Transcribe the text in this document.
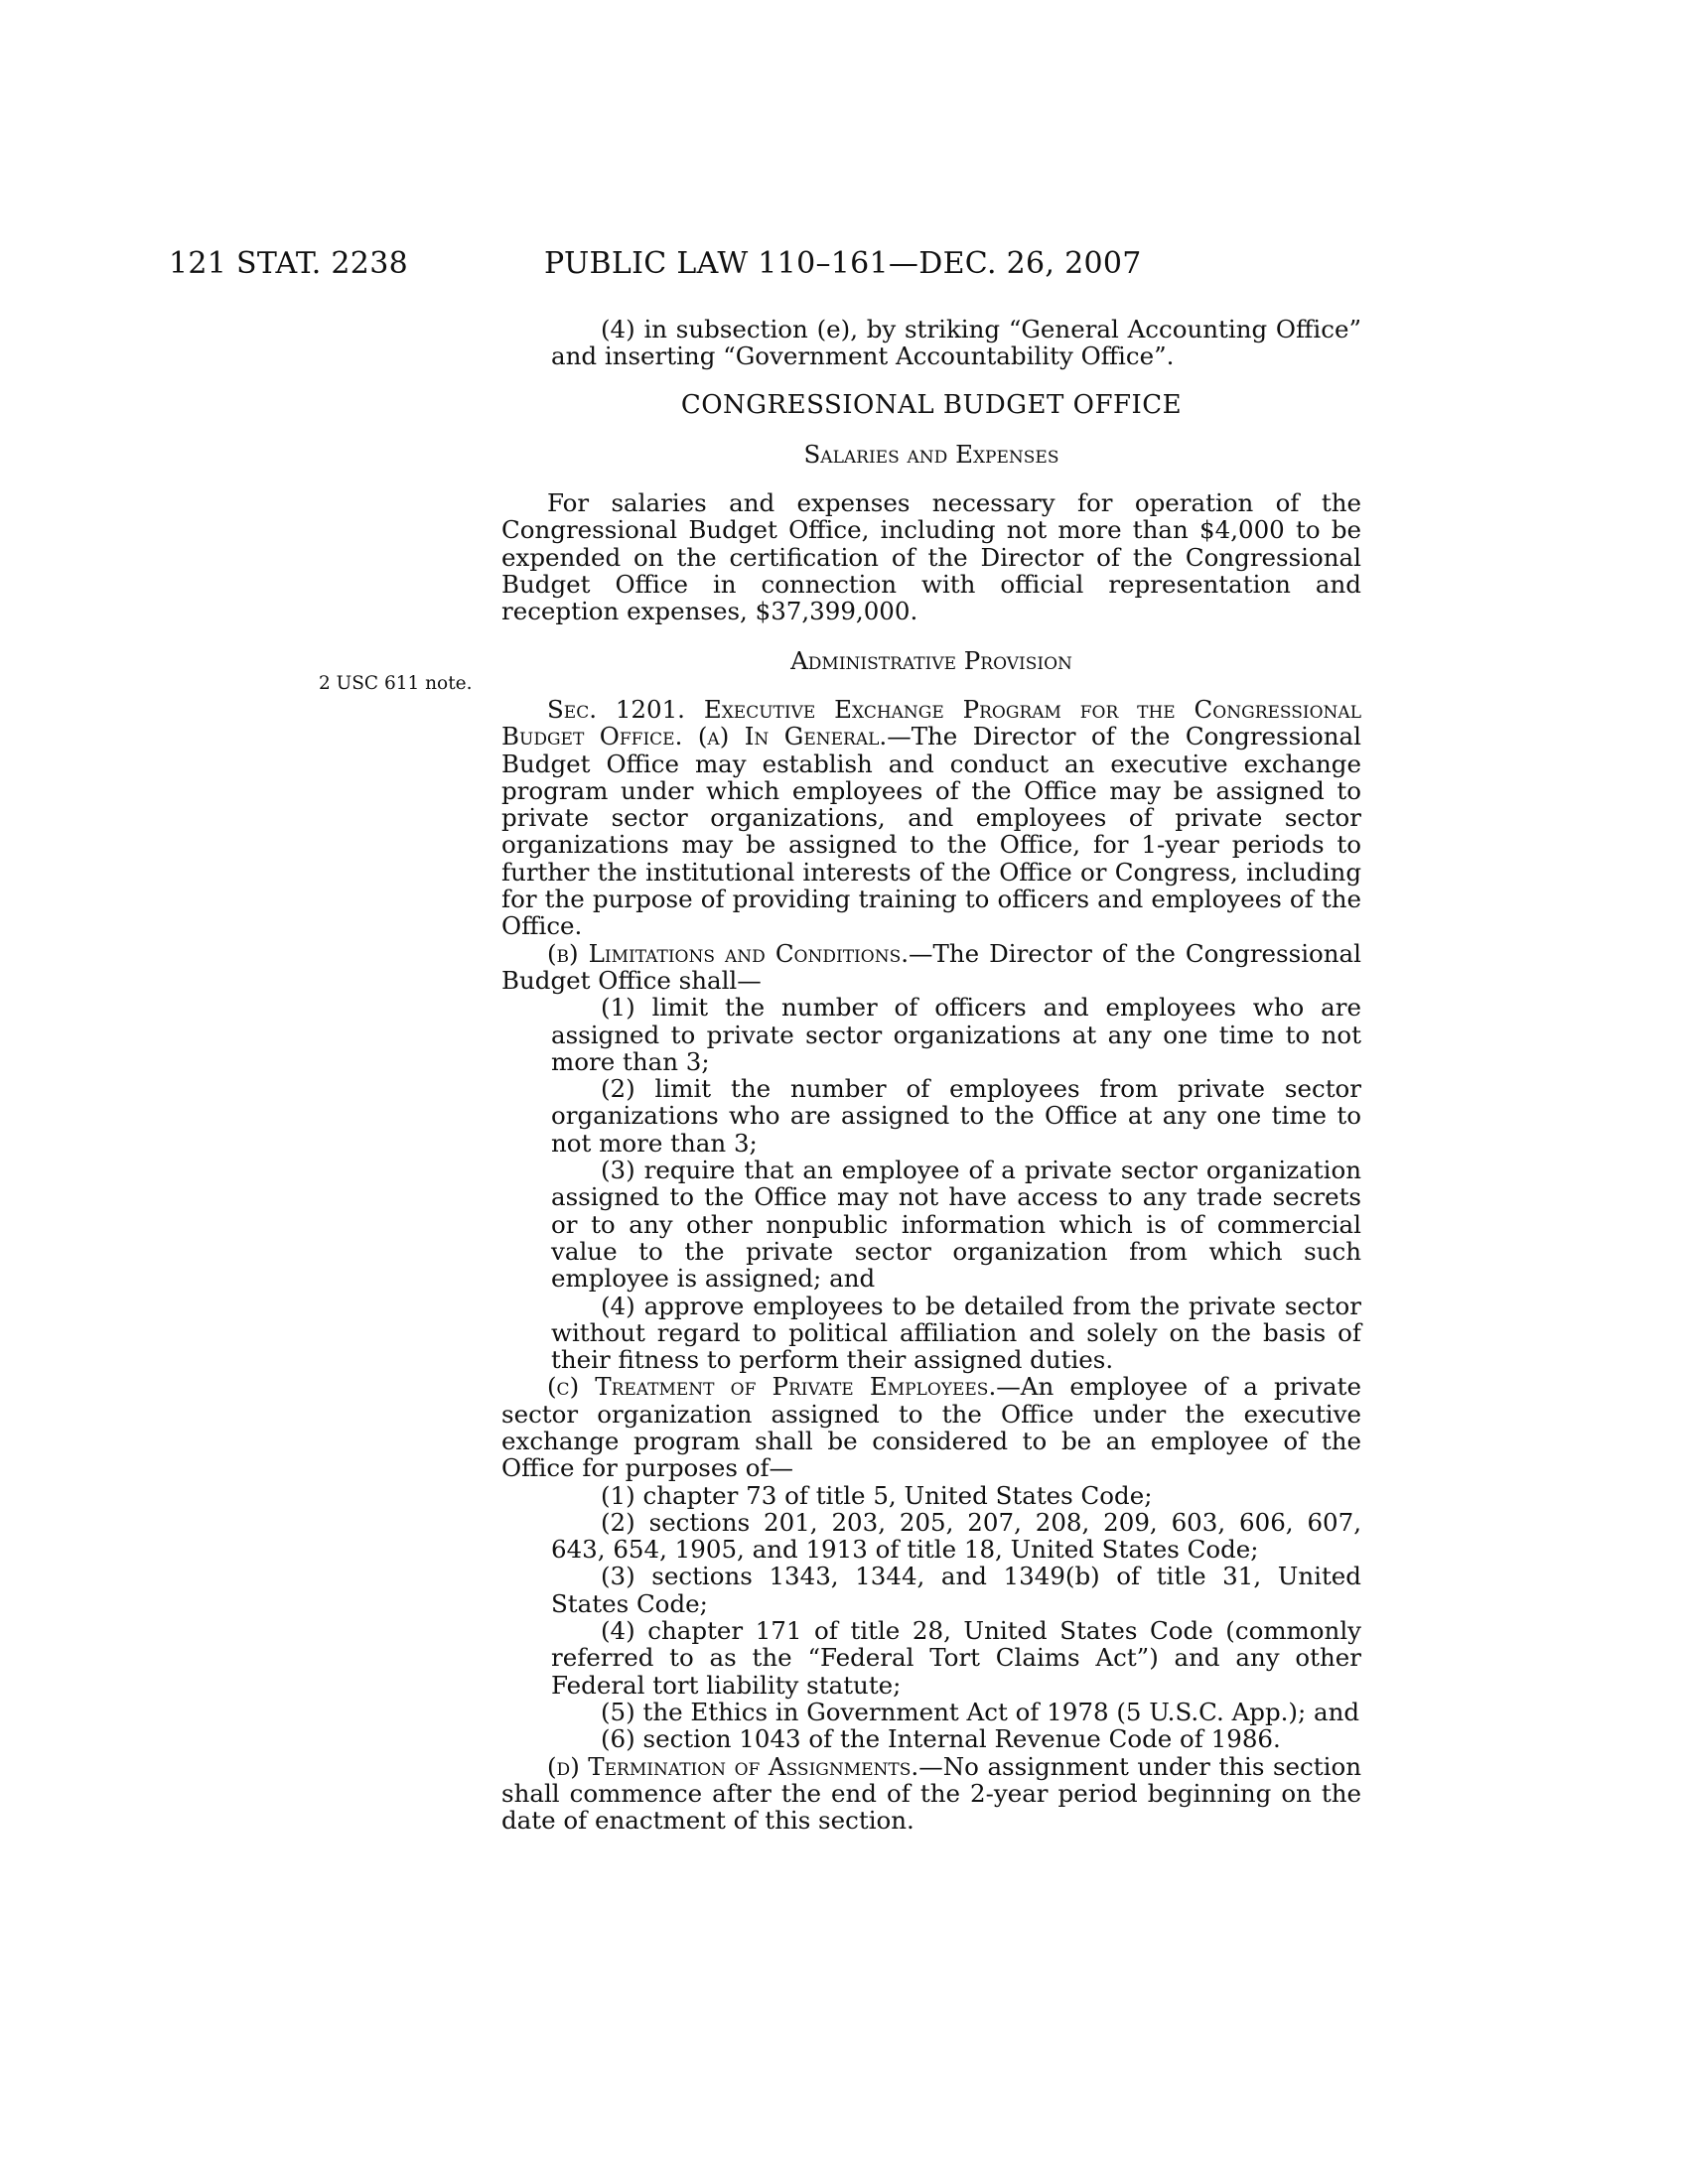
121 STAT. 2238	PUBLIC LAW 110–161—DEC. 26, 2007
2 USC 611 note.

(4) in subsection (e), by striking “General Accounting Office” and inserting “Government Accountability Office”.

CONGRESSIONAL BUDGET OFFICE

Salaries and Expenses

For salaries and expenses necessary for operation of the Congressional Budget Office, including not more than $4,000 to be expended on the certification of the Director of the Congressional Budget Office in connection with official representation and reception expenses, $37,399,000.

Administrative Provision

Sec. 1201. Executive Exchange Program for the Congressional Budget Office. (a) In General.—The Director of the Congressional Budget Office may establish and conduct an executive exchange program under which employees of the Office may be assigned to private sector organizations, and employees of private sector organizations may be assigned to the Office, for 1-year periods to further the institutional interests of the Office or Congress, including for the purpose of providing training to officers and employees of the Office.

(b) Limitations and Conditions.—The Director of the Congressional Budget Office shall—

(1) limit the number of officers and employees who are assigned to private sector organizations at any one time to not more than 3;

(2) limit the number of employees from private sector organizations who are assigned to the Office at any one time to not more than 3;

(3) require that an employee of a private sector organization assigned to the Office may not have access to any trade secrets or to any other nonpublic information which is of commercial value to the private sector organization from which such employee is assigned; and

(4) approve employees to be detailed from the private sector without regard to political affiliation and solely on the basis of their fitness to perform their assigned duties.

(c) Treatment of Private Employees.—An employee of a private sector organization assigned to the Office under the executive exchange program shall be considered to be an employee of the Office for purposes of—

(1) chapter 73 of title 5, United States Code;

(2) sections 201, 203, 205, 207, 208, 209, 603, 606, 607, 643, 654, 1905, and 1913 of title 18, United States Code;

(3) sections 1343, 1344, and 1349(b) of title 31, United States Code;

(4) chapter 171 of title 28, United States Code (commonly referred to as the “Federal Tort Claims Act”) and any other Federal tort liability statute;

(5) the Ethics in Government Act of 1978 (5 U.S.C. App.); and

(6) section 1043 of the Internal Revenue Code of 1986.

(d) Termination of Assignments.—No assignment under this section shall commence after the end of the 2-year period beginning on the date of enactment of this section.
